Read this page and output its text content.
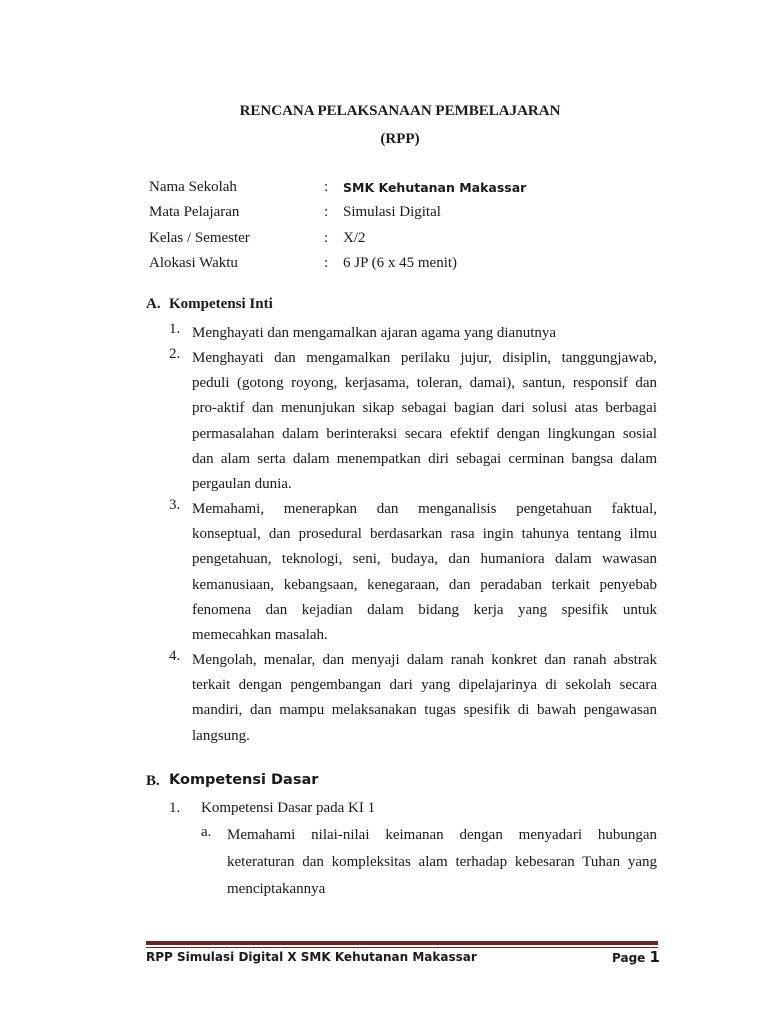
RENCANA PELAKSANAAN PEMBELAJARAN
(RPP)
Nama Sekolah	: SMK Kehutanan Makassar
Mata Pelajaran	: Simulasi Digital
Kelas / Semester	: X/2
Alokasi Waktu	: 6 JP (6 x 45 menit)
A. Kompetensi Inti
1. Menghayati dan mengamalkan ajaran agama yang dianutnya
2. Menghayati dan mengamalkan perilaku jujur, disiplin, tanggungjawab,
peduli (gotong royong, kerjasama, toleran, damai), santun, responsif dan
pro-aktif dan menunjukan sikap sebagai bagian dari solusi atas berbagai
permasalahan dalam berinteraksi secara efektif dengan lingkungan sosial
dan alam serta dalam menempatkan diri sebagai cerminan bangsa dalam
pergaulan dunia.
3. Memahami, menerapkan dan menganalisis pengetahuan faktual,
konseptual, dan prosedural berdasarkan rasa ingin tahunya tentang ilmu
pengetahuan, teknologi, seni, budaya, dan humaniora dalam wawasan
kemanusiaan, kebangsaan, kenegaraan, dan peradaban terkait penyebab
fenomena dan kejadian dalam bidang kerja yang spesifik untuk
memecahkan masalah.
4. Mengolah, menalar, dan menyaji dalam ranah konkret dan ranah abstrak
terkait dengan pengembangan dari yang dipelajarinya di sekolah secara
mandiri, dan mampu melaksanakan tugas spesifik di bawah pengawasan
langsung.
B. Kompetensi Dasar
1. Kompetensi Dasar pada KI 1
a. Memahami nilai-nilai keimanan dengan menyadari hubungan
keteraturan dan kompleksitas alam terhadap kebesaran Tuhan yang
menciptakannya
RPP Simulasi Digital X SMK Kehutanan Makassar	Page 1
